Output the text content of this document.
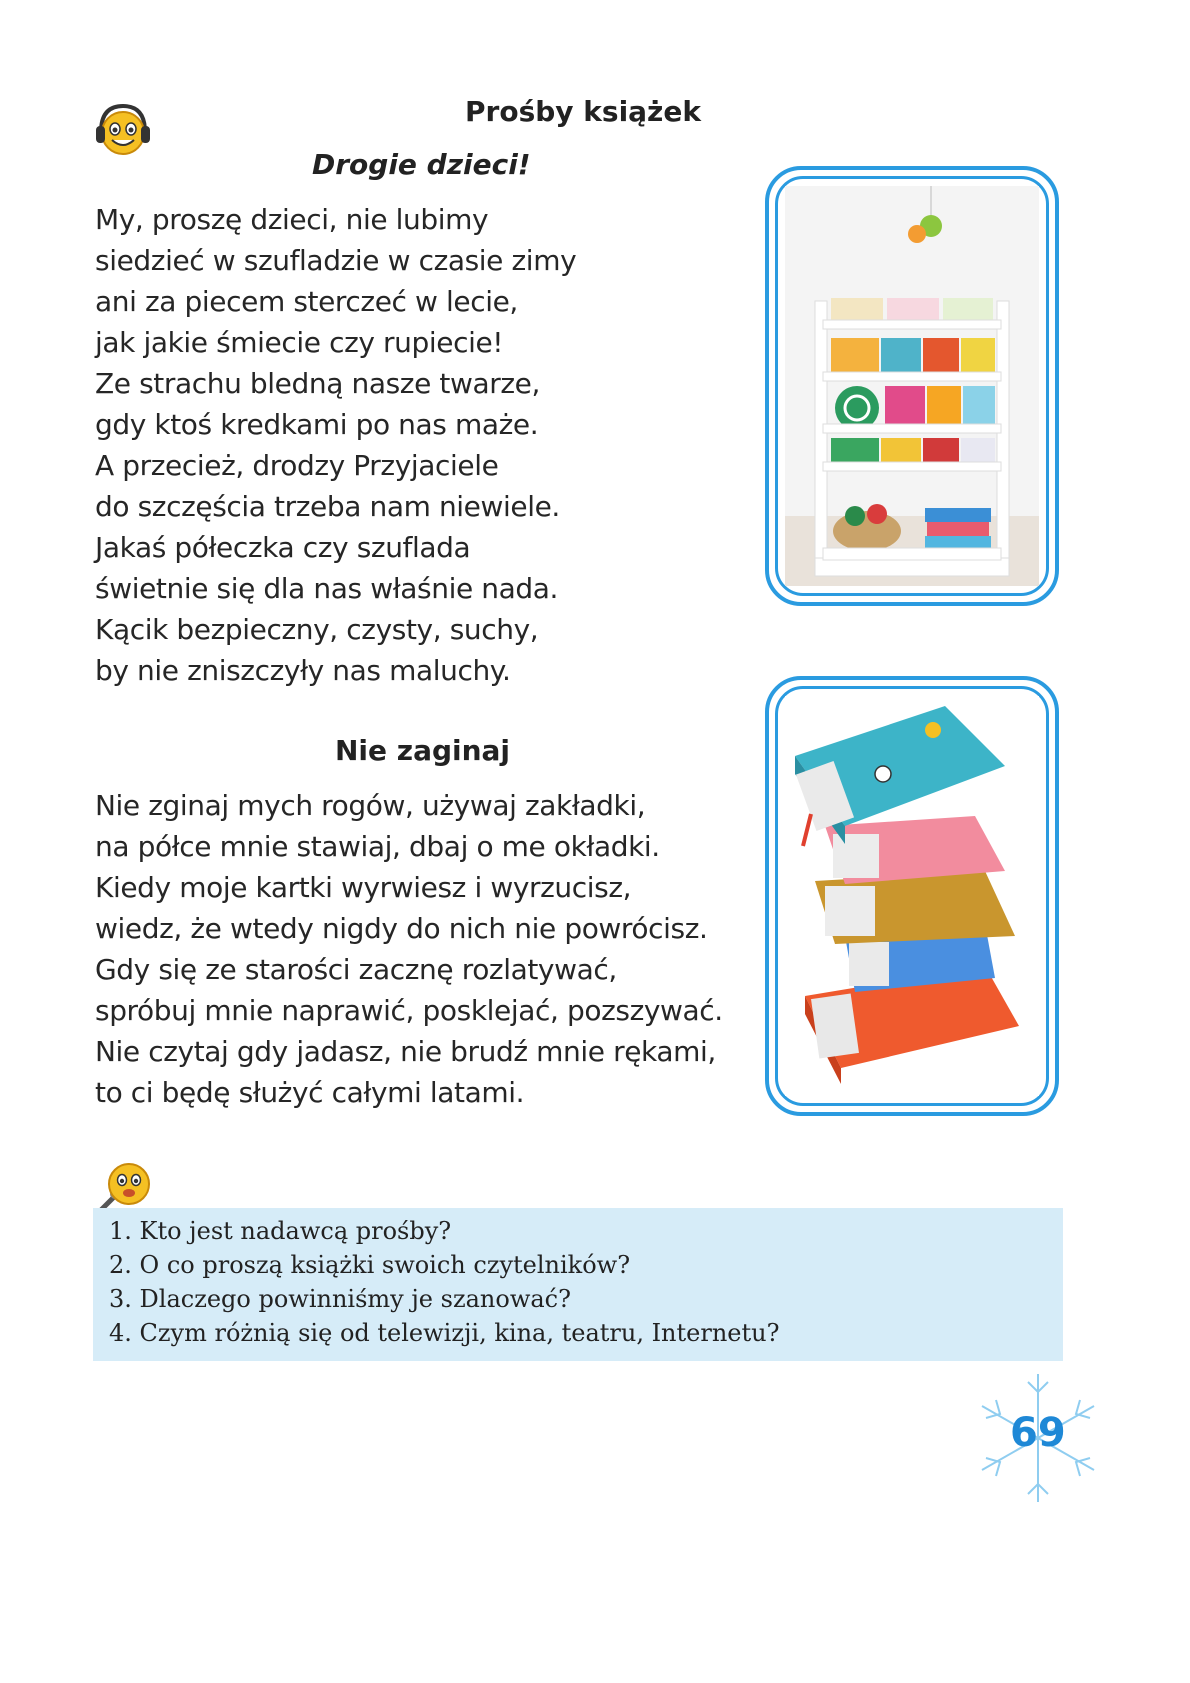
Prośby książek
Drogie dzieci!
My, proszę dzieci, nie lubimy
siedzieć w szufladzie w czasie zimy
ani za piecem sterczeć w lecie,
jak jakie śmiecie czy rupiecie!
Ze strachu bledną nasze twarze,
gdy ktoś kredkami po nas maże.
A przecież, drodzy Przyjaciele
do szczęścia trzeba nam niewiele.
Jakaś półeczka czy szuflada
świetnie się dla nas właśnie nada.
Kącik bezpieczny, czysty, suchy,
by nie zniszczyły nas maluchy.
Nie zaginaj
Nie zginaj mych rogów, używaj zakładki,
na półce mnie stawiaj, dbaj o me okładki.
Kiedy moje kartki wyrwiesz i wyrzucisz,
wiedz, że wtedy nigdy do nich nie powrócisz.
Gdy się ze starości zacznę rozlatywać,
spróbuj mnie naprawić, posklejać, pozszywać.
Nie czytaj gdy jadasz, nie brudź mnie rękami,
to ci będę służyć całymi latami.
1. Kto jest nadawcą prośby?
2. O co proszą książki swoich czytelników?
3. Dlaczego powinniśmy je szanować?
4. Czym różnią się od telewizji, kina, teatru, Internetu?
69
